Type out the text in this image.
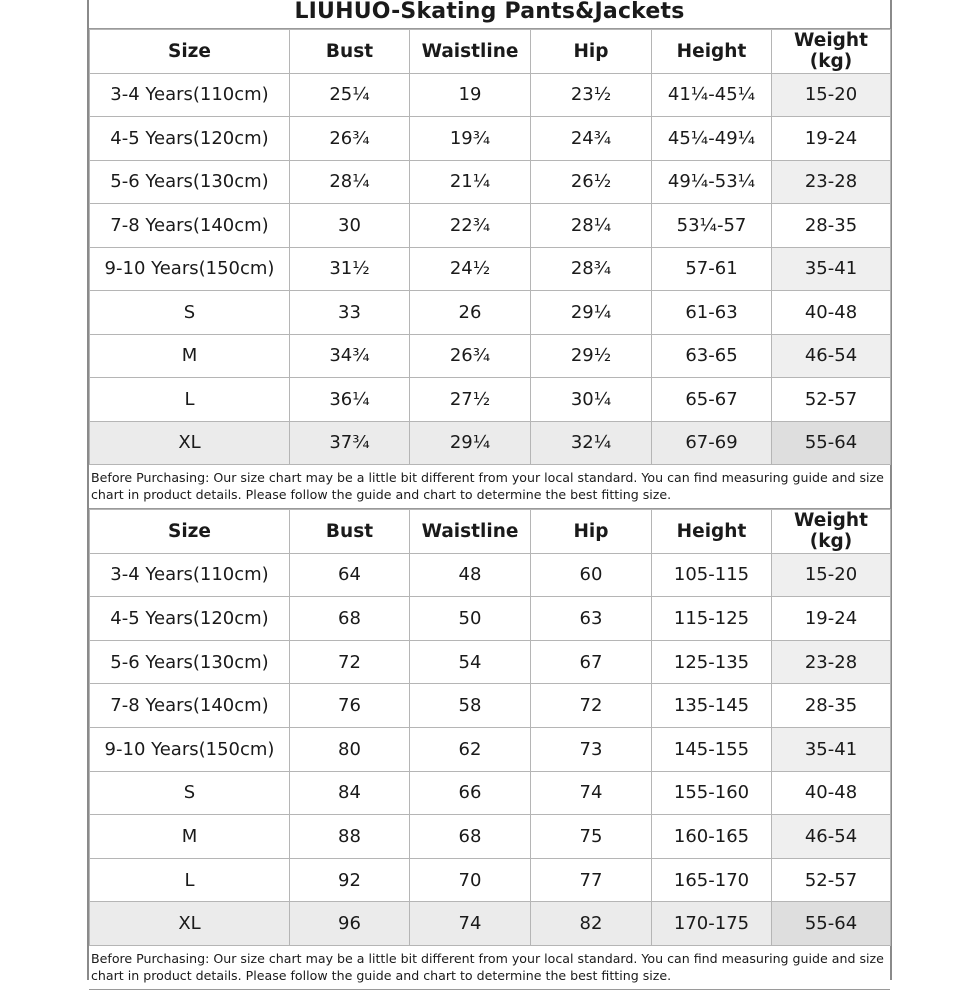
LIUHUO-Skating Pants&Jackets
Size	Bust	Waistline	Hip	Height	Weight (kg)
3-4 Years(110cm)	25¼	19	23½	41¼-45¼	15-20
4-5 Years(120cm)	26¾	19¾	24¾	45¼-49¼	19-24
5-6 Years(130cm)	28¼	21¼	26½	49¼-53¼	23-28
7-8 Years(140cm)	30	22¾	28¼	53¼-57	28-35
9-10 Years(150cm)	31½	24½	28¾	57-61	35-41
S	33	26	29¼	61-63	40-48
M	34¾	26¾	29½	63-65	46-54
L	36¼	27½	30¼	65-67	52-57
XL	37¾	29¼	32¼	67-69	55-64
Before Purchasing: Our size chart may be a little bit different from your local standard. You can find measuring guide and size chart in product details. Please follow the guide and chart to determine the best fitting size.
Size	Bust	Waistline	Hip	Height	Weight (kg)
3-4 Years(110cm)	64	48	60	105-115	15-20
4-5 Years(120cm)	68	50	63	115-125	19-24
5-6 Years(130cm)	72	54	67	125-135	23-28
7-8 Years(140cm)	76	58	72	135-145	28-35
9-10 Years(150cm)	80	62	73	145-155	35-41
S	84	66	74	155-160	40-48
M	88	68	75	160-165	46-54
L	92	70	77	165-170	52-57
XL	96	74	82	170-175	55-64
Before Purchasing: Our size chart may be a little bit different from your local standard. You can find measuring guide and size chart in product details. Please follow the guide and chart to determine the best fitting size.
